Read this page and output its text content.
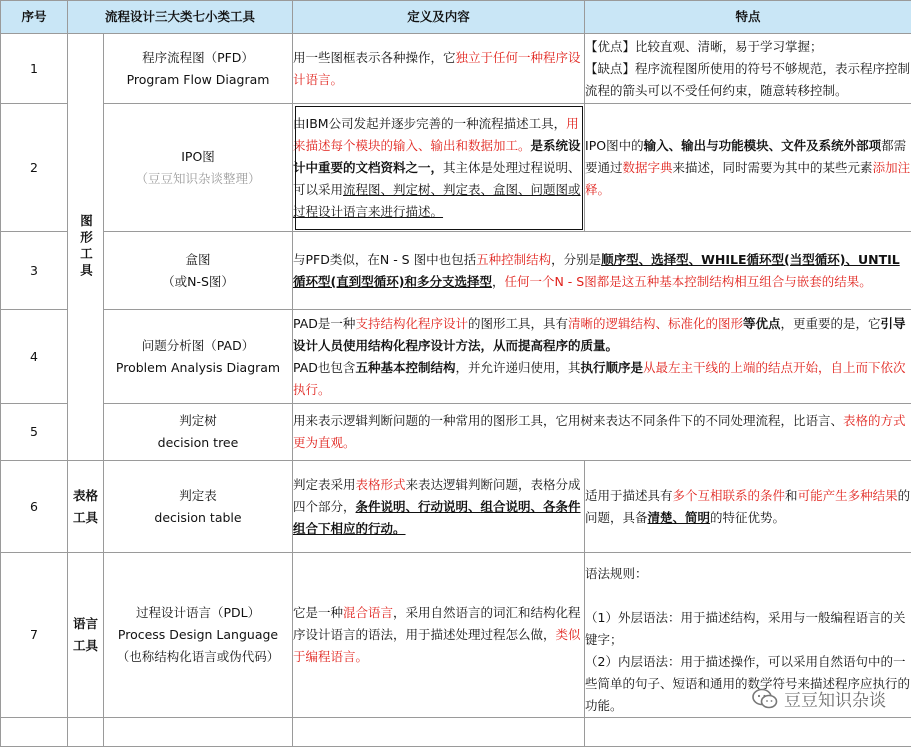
序号	流程设计三大类七小类工具		定义及内容	特点
1	图形工具	程序流程图（PFD）
Program Flow Diagram	用一些图框表示各种操作，它独立于任何一种程序设计语言。	【优点】比较直观、清晰，易于学习掌握；
【缺点】程序流程图所使用的符号不够规范，表示程序控制流程的箭头可以不受任何约束，随意转移控制。
2		IPO图
（豆豆知识杂谈整理）	由IBM公司发起并逐步完善的一种流程描述工具，用来描述每个模块的输入、输出和数据加工。是系统设计中重要的文档资料之一，其主体是处理过程说明、可以采用流程图、判定树、判定表、盒图、问题图或过程设计语言来进行描述。	IPO图中的输入、输出与功能模块、文件及系统外部项都需要通过数据字典来描述，同时需要为其中的某些元素添加注释。
3		盒图
（或N-S图）	与PFD类似，在N - S 图中也包括五种控制结构，分别是顺序型、选择型、WHILE循环型(当型循环)、UNTIL循环型(直到型循环)和多分支选择型，任何一个N - S图都是这五种基本控制结构相互组合与嵌套的结果。	
4		问题分析图（PAD）
Problem Analysis Diagram	PAD是一种支持结构化程序设计的图形工具，具有清晰的逻辑结构、标准化的图形等优点，更重要的是，它引导设计人员使用结构化程序设计方法，从而提高程序的质量。
PAD也包含五种基本控制结构，并允许递归使用，其执行顺序是从最左主干线的上端的结点开始，自上而下依次执行。	
5		判定树
decision tree	用来表示逻辑判断问题的一种常用的图形工具，它用树来表达不同条件下的不同处理流程，比语言、表格的方式更为直观。	
6	表格工具	判定表
decision table	判定表采用表格形式来表达逻辑判断问题，表格分成四个部分，条件说明、行动说明、组合说明、各条件组合下相应的行动。	适用于描述具有多个互相联系的条件和可能产生多种结果的问题，具备清楚、简明的特征优势。
7	语言工具	过程设计语言（PDL）
Process Design Language
（也称结构化语言或伪代码）	它是一种混合语言，采用自然语言的词汇和结构化程序设计语言的语法，用于描述处理过程怎么做，类似于编程语言。	语法规则：

（1）外层语法：用于描述结构，采用与一般编程语言的关键字；
（2）内层语法：用于描述操作，可以采用自然语句中的一些简单的句子、短语和通用的数学符号来描述程序应执行的功能。
					豆豆知识杂谈
